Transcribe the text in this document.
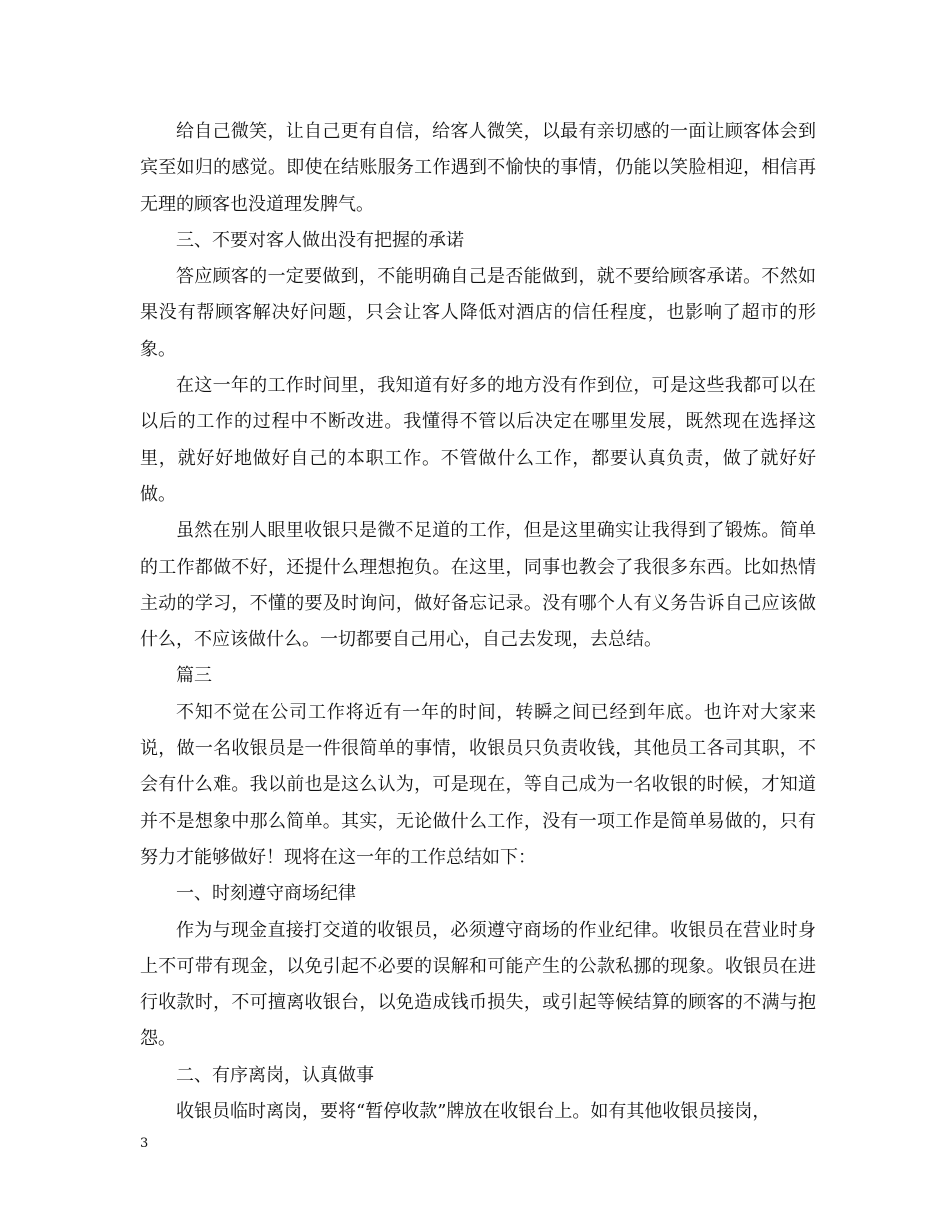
给自己微笑，让自己更有自信，给客人微笑，以最有亲切感的一面让顾客体会到宾至如归的感觉。即使在结账服务工作遇到不愉快的事情，仍能以笑脸相迎，相信再无理的顾客也没道理发脾气。

三、不要对客人做出没有把握的承诺

答应顾客的一定要做到，不能明确自己是否能做到，就不要给顾客承诺。不然如果没有帮顾客解决好问题，只会让客人降低对酒店的信任程度，也影响了超市的形象。

在这一年的工作时间里，我知道有好多的地方没有作到位，可是这些我都可以在以后的工作的过程中不断改进。我懂得不管以后决定在哪里发展，既然现在选择这里，就好好地做好自己的本职工作。不管做什么工作，都要认真负责，做了就好好做。

虽然在别人眼里收银只是微不足道的工作，但是这里确实让我得到了锻炼。简单的工作都做不好，还提什么理想抱负。在这里，同事也教会了我很多东西。比如热情主动的学习，不懂的要及时询问，做好备忘记录。没有哪个人有义务告诉自己应该做什么，不应该做什么。一切都要自己用心，自己去发现，去总结。

篇三

不知不觉在公司工作将近有一年的时间，转瞬之间已经到年底。也许对大家来说，做一名收银员是一件很简单的事情，收银员只负责收钱，其他员工各司其职，不会有什么难。我以前也是这么认为，可是现在，等自己成为一名收银的时候，才知道并不是想象中那么简单。其实，无论做什么工作，没有一项工作是简单易做的，只有努力才能够做好！现将在这一年的工作总结如下：

一、时刻遵守商场纪律

作为与现金直接打交道的收银员，必须遵守商场的作业纪律。收银员在营业时身上不可带有现金，以免引起不必要的误解和可能产生的公款私挪的现象。收银员在进行收款时，不可擅离收银台，以免造成钱币损失，或引起等候结算的顾客的不满与抱怨。

二、有序离岗，认真做事

收银员临时离岗，要将“暂停收款”牌放在收银台上。如有其他收银员接岗，

3
